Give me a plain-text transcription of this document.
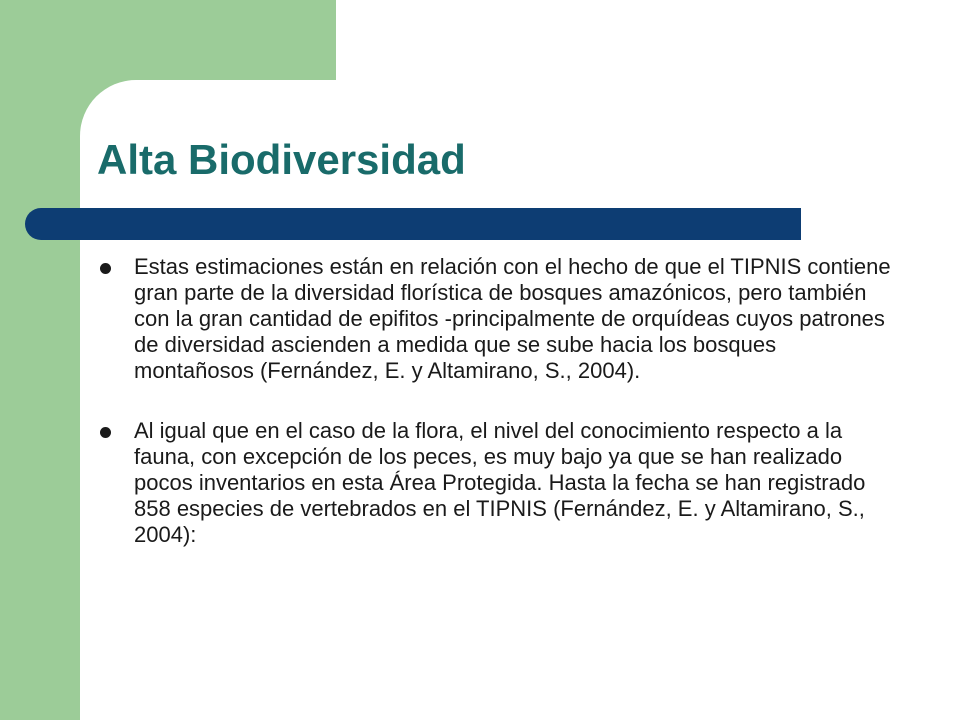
Alta Biodiversidad
Estas estimaciones están en relación con el hecho de que el TIPNIS contiene gran parte de la diversidad florística de bosques amazónicos, pero también con la gran cantidad de epifitos -principalmente de orquídeas cuyos patrones de diversidad ascienden a medida que se sube hacia los bosques montañosos (Fernández, E. y Altamirano, S., 2004).
Al igual que en el caso de la flora, el nivel del conocimiento respecto a la fauna, con excepción de los peces, es muy bajo ya que se han realizado pocos inventarios en esta Área Protegida. Hasta la fecha se han registrado 858 especies de vertebrados en el TIPNIS (Fernández, E. y Altamirano, S., 2004):
